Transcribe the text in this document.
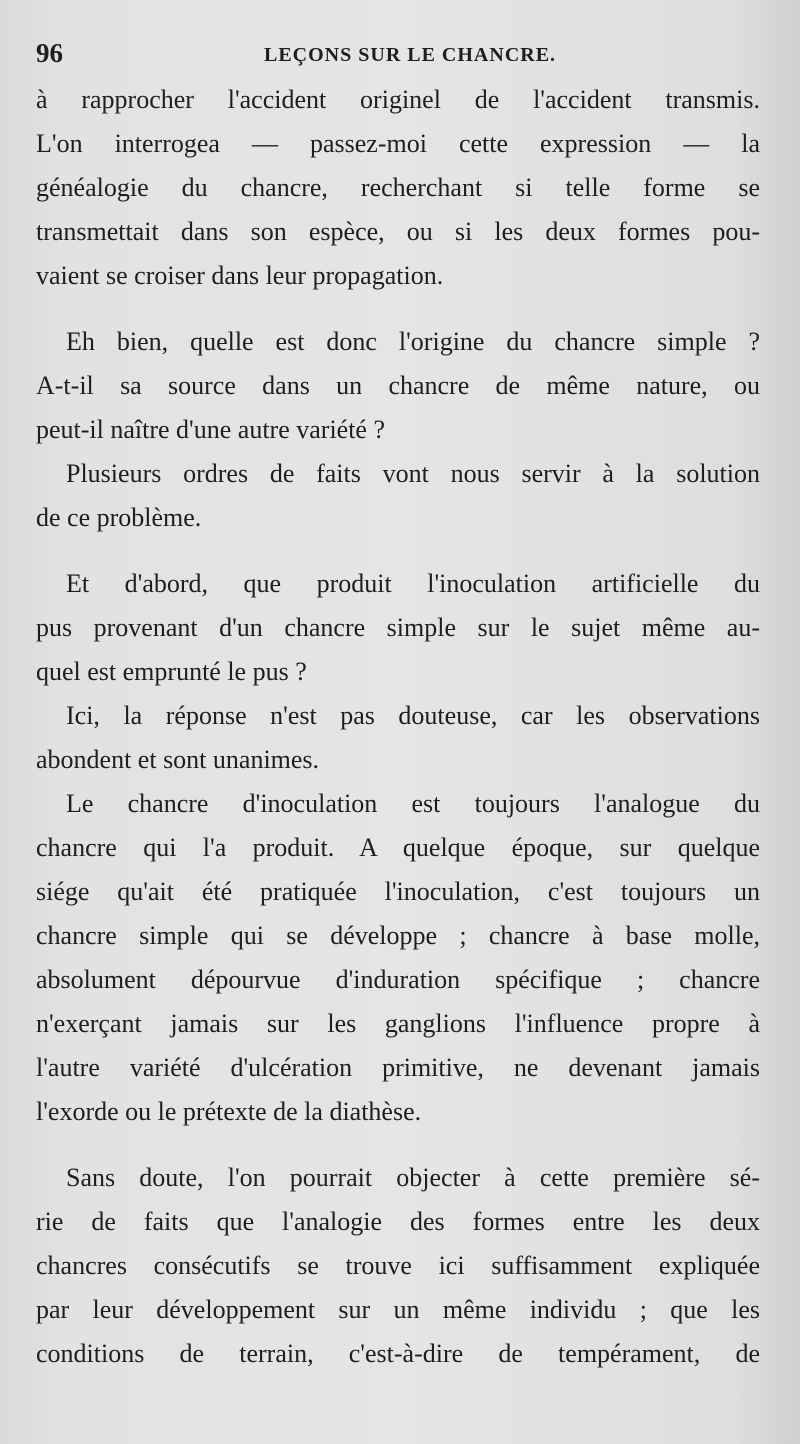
96	LEÇONS SUR LE CHANCRE.
à rapprocher l'accident originel de l'accident transmis.
L'on interrogea — passez-moi cette expression — la
généalogie du chancre, recherchant si telle forme se
transmettait dans son espèce, ou si les deux formes pou-
vaient se croiser dans leur propagation.
Eh bien, quelle est donc l'origine du chancre simple ?
A-t-il sa source dans un chancre de même nature, ou
peut-il naître d'une autre variété ?
Plusieurs ordres de faits vont nous servir à la solution
de ce problème.
Et d'abord, que produit l'inoculation artificielle du
pus provenant d'un chancre simple sur le sujet même au-
quel est emprunté le pus ?
Ici, la réponse n'est pas douteuse, car les observations
abondent et sont unanimes.
Le chancre d'inoculation est toujours l'analogue du
chancre qui l'a produit. A quelque époque, sur quelque
siége qu'ait été pratiquée l'inoculation, c'est toujours un
chancre simple qui se développe ; chancre à base molle,
absolument dépourvue d'induration spécifique ; chancre
n'exerçant jamais sur les ganglions l'influence propre à
l'autre variété d'ulcération primitive, ne devenant jamais
l'exorde ou le prétexte de la diathèse.
Sans doute, l'on pourrait objecter à cette première sé-
rie de faits que l'analogie des formes entre les deux
chancres consécutifs se trouve ici suffisamment expliquée
par leur développement sur un même individu ; que les
conditions de terrain, c'est-à-dire de tempérament, de
